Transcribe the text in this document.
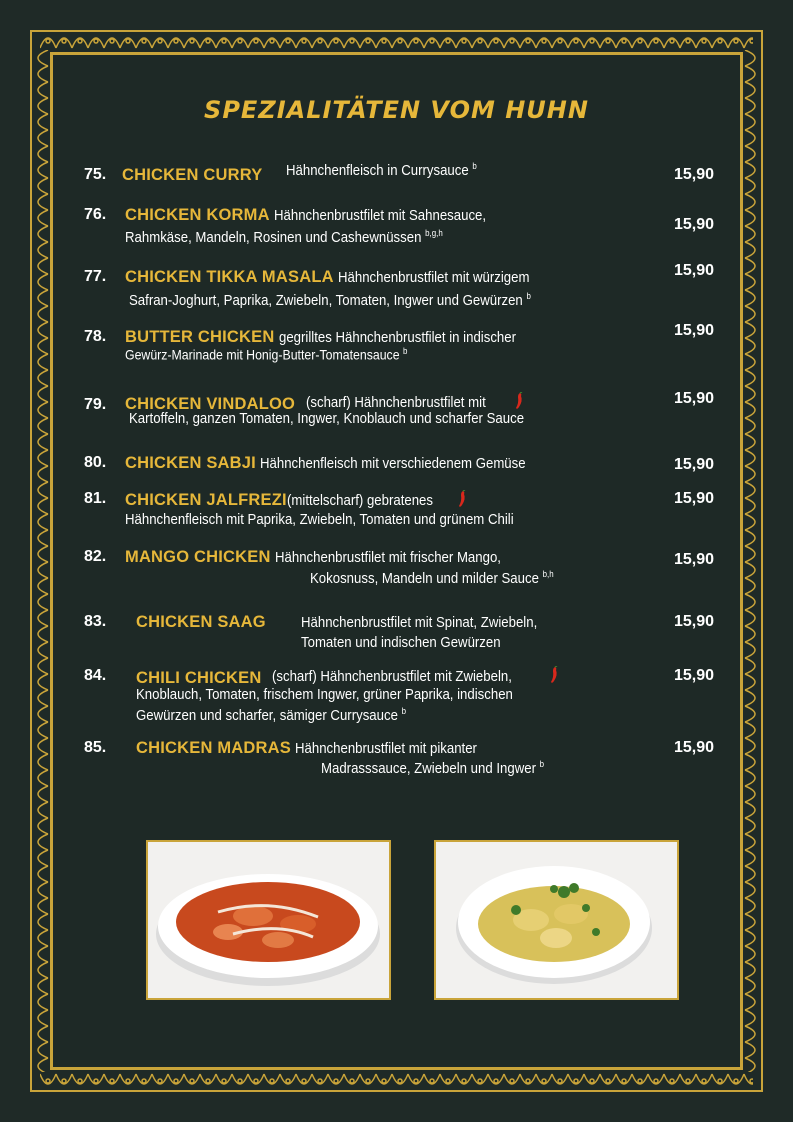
SPEZIALITÄTEN VOM HUHN
75. CHICKEN CURRY Hähnchenfleisch in Currysauce $^b$	15,90
76. CHICKEN KORMA Hähnchenbrustfilet mit Sahnesauce,
Rahmkäse, Mandeln, Rosinen und Cashewnüssen $^{b,g,h}$	15,90
77. CHICKEN TIKKA MASALA Hähnchenbrustfilet mit würzigem
Safran-Joghurt, Paprika, Zwiebeln, Tomaten, Ingwer und Gewürzen $^b$
15,90
78. BUTTER CHICKEN gegrilltes Hähnchenbrustfilet in indischer
Gewürz-Marinade mit Honig-Butter-Tomatensauce $^b$
15,90
79. CHICKEN VINDALOO (scharf) Hähnchenbrustfilet mit
Kartoffeln, ganzen Tomaten, Ingwer, Knoblauch und scharfer Sauce
15,90
80. CHICKEN SABJI Hähnchenfleisch mit verschiedenem Gemüse	15,90
81. CHICKEN JALFREZI(mittelscharf) gebratenes
Hähnchenfleisch mit Paprika, Zwiebeln, Tomaten und grünem Chili
15,90
82. MANGO CHICKEN Hähnchenbrustfilet mit frischer Mango,
Kokosnuss, Mandeln und milder Sauce $^{b,h}$
15,90
83. CHICKEN SAAG Hähnchenbrustfilet mit Spinat, Zwiebeln,
Tomaten und indischen Gewürzen
15,90
84. CHILI CHICKEN (scharf) Hähnchenbrustfilet mit Zwiebeln,
Knoblauch, Tomaten, frischem Ingwer, grüner Paprika, indischen
Gewürzen und scharfer, sämiger Currysauce $^b$
15,90
85. CHICKEN MADRAS Hähnchenbrustfilet mit pikanter
Madrasssauce, Zwiebeln und Ingwer $^b$
15,90
